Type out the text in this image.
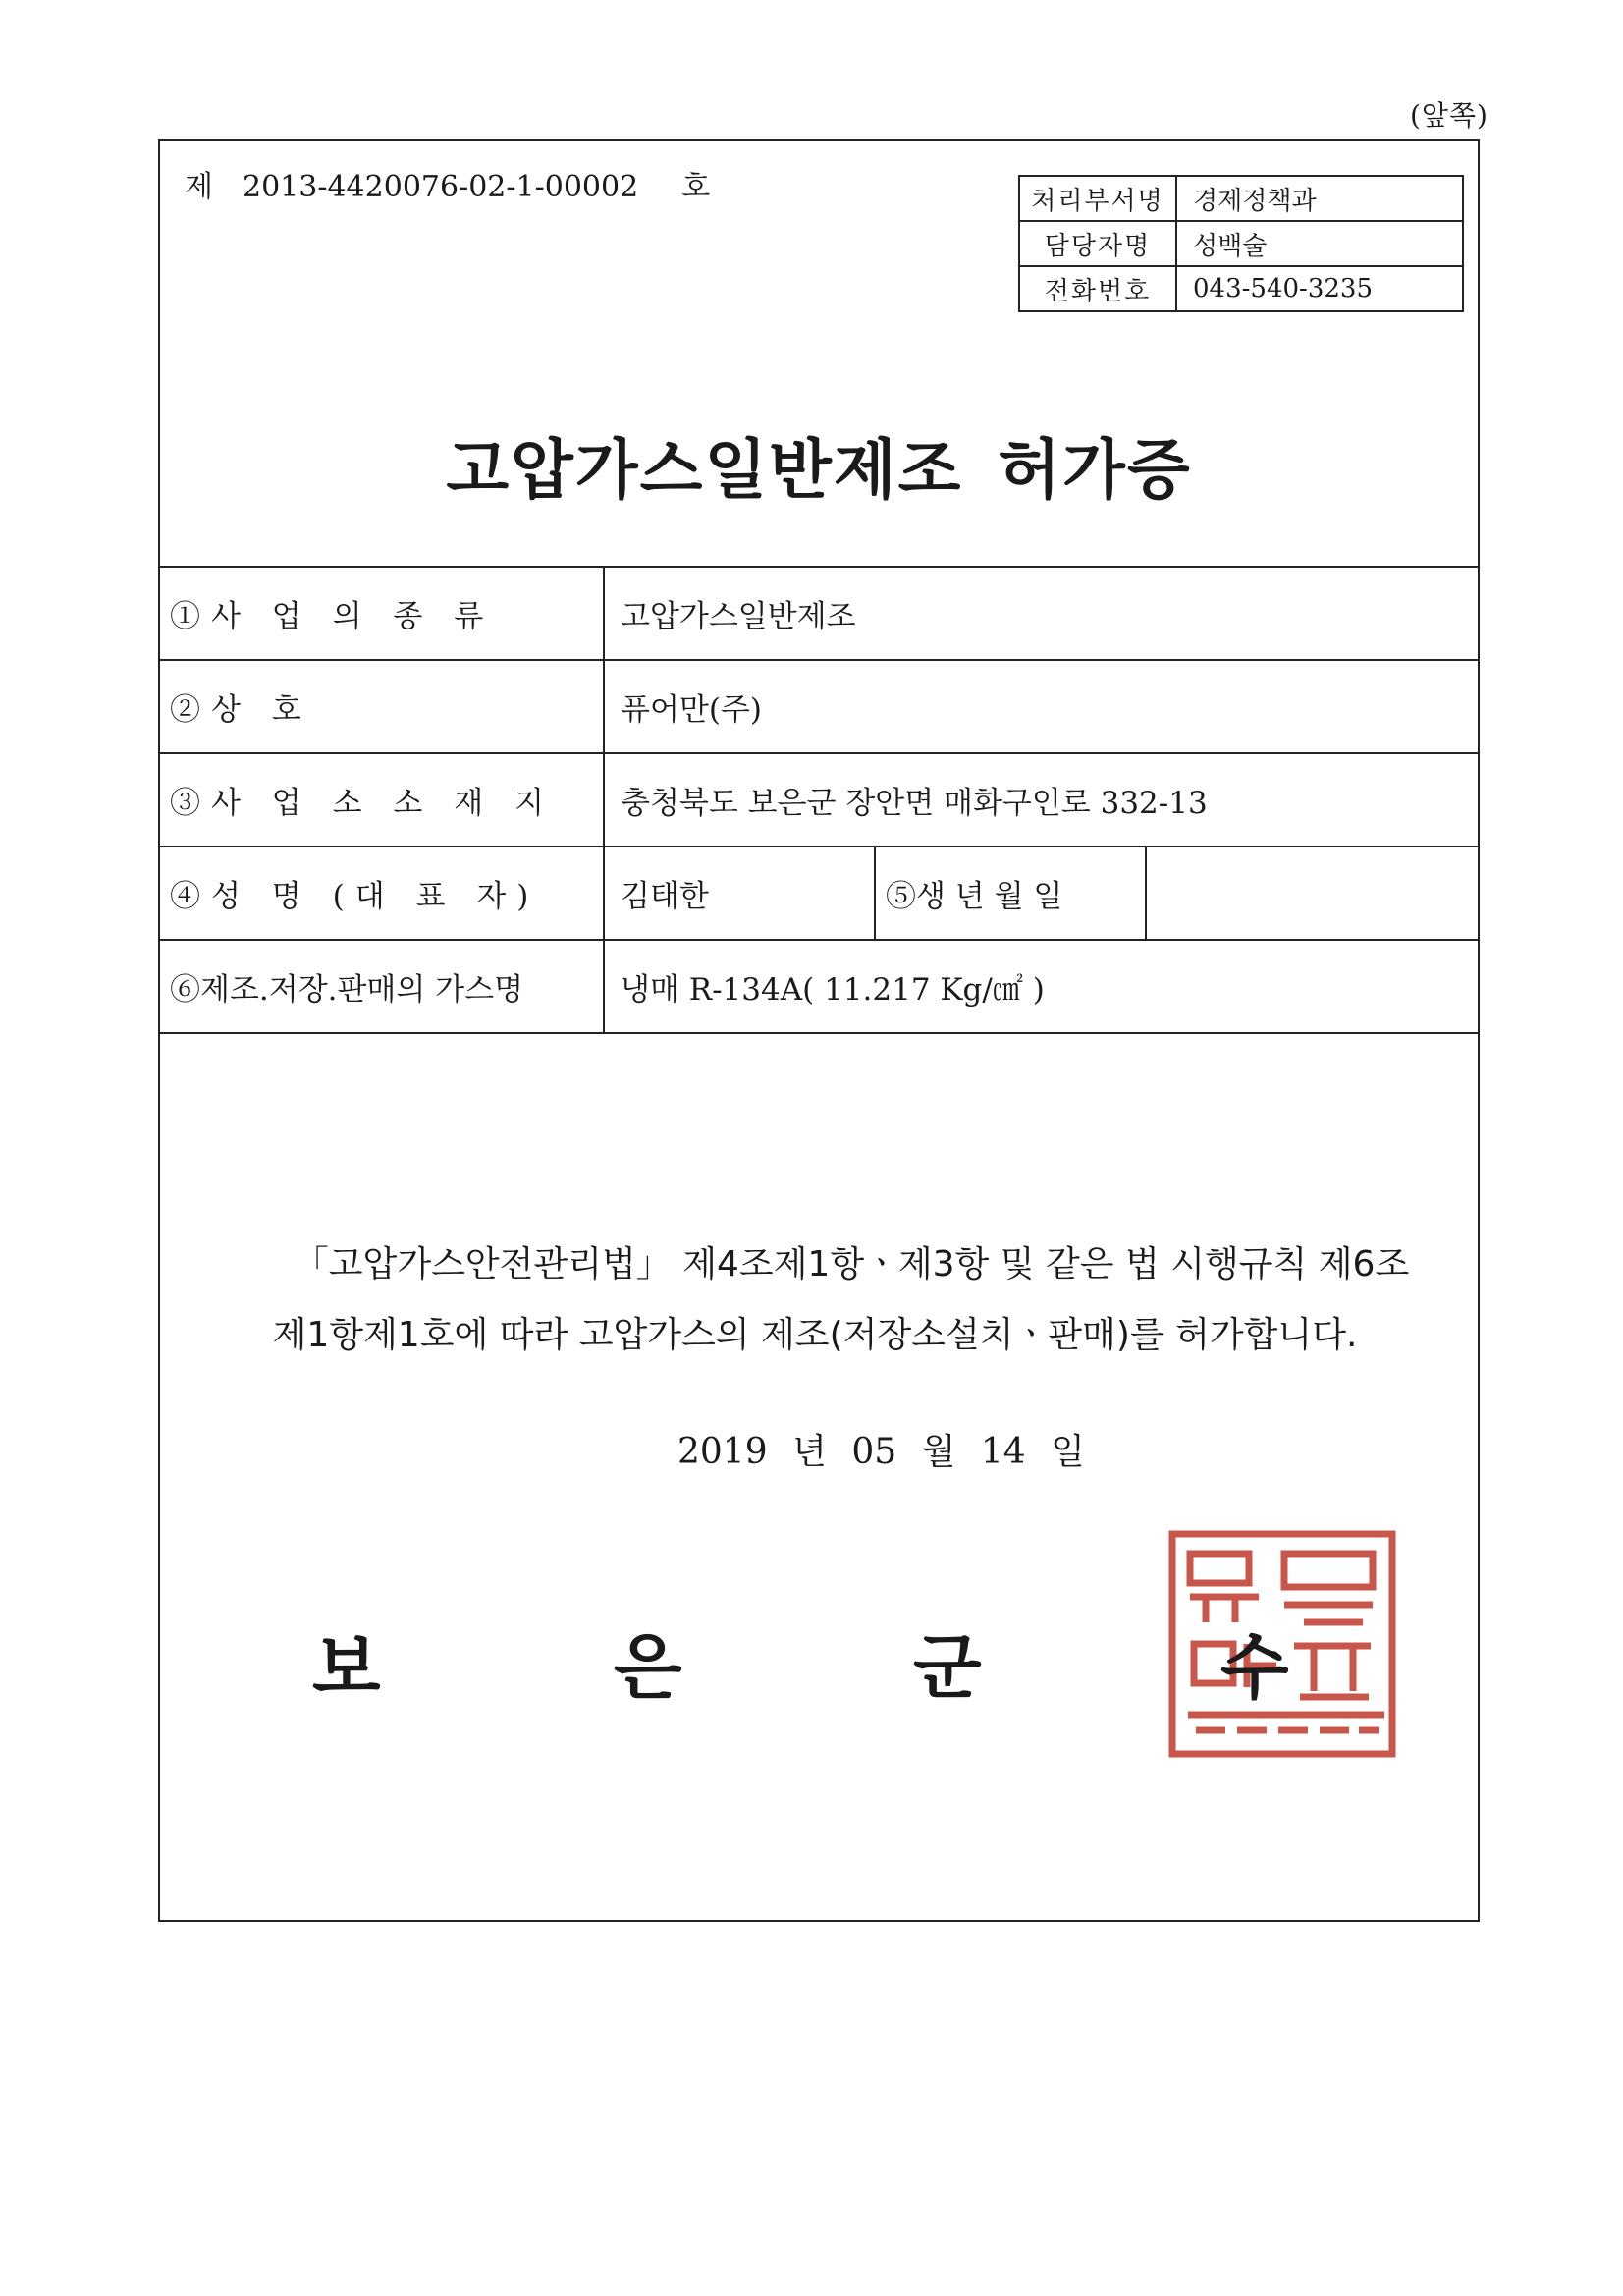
(앞쪽)
제 2013-4420076-02-1-00002 호	처리부서명	경제정책과
담당자명	성백술
전화번호	043-540-3235
고압가스일반제조 허가증
①사 업 의 종 류	고압가스일반제조		
②상 호	퓨어만(주)		
③사 업 소 소 재 지	충청북도 보은군 장안면 매화구인로 332-13		
④성 명 (대 표 자)	김태한	⑤생 년 월 일	
⑥제조.저장.판매의 가스명	냉매 R-134A( 11.217 Kg/㎠ )		
「고압가스안전관리법」 제4조제1항ㆍ제3항 및 같은 법 시행규칙 제6조
제1항제1호에 따라 고압가스의 제조(저장소설치ㆍ판매)를 허가합니다.
2019 년 05 월 14 일
보	은	군	수
